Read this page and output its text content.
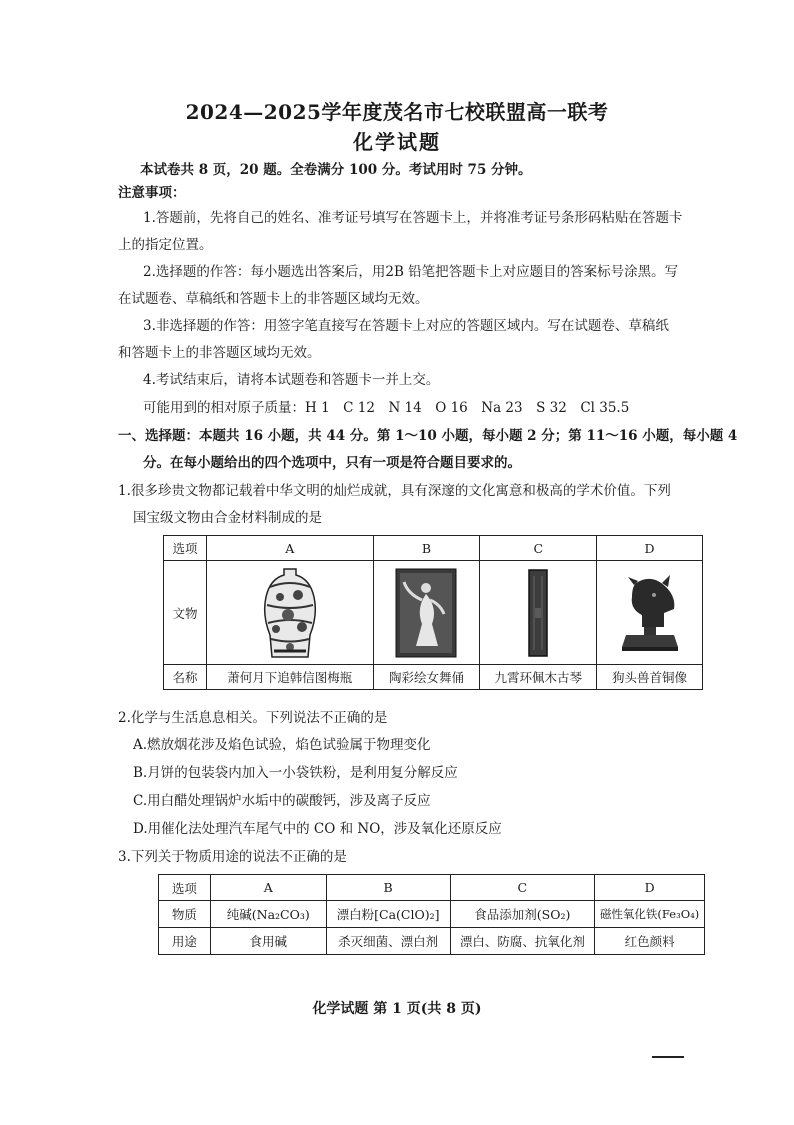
2024—2025学年度茂名市七校联盟高一联考
化学试题
本试卷共 8 页，20 题。全卷满分 100 分。考试用时 75 分钟。
注意事项：
1.答题前，先将自己的姓名、准考证号填写在答题卡上，并将准考证号条形码粘贴在答题卡
上的指定位置。
2.选择题的作答：每小题选出答案后，用2B 铅笔把答题卡上对应题目的答案标号涂黑。写
在试题卷、草稿纸和答题卡上的非答题区域均无效。
3.非选择题的作答：用签字笔直接写在答题卡上对应的答题区域内。写在试题卷、草稿纸
和答题卡上的非答题区域均无效。
4.考试结束后，请将本试题卷和答题卡一并上交。
可能用到的相对原子质量：H 1　C 12　N 14　O 16　Na 23　S 32　Cl 35.5
一、选择题：本题共 16 小题，共 44 分。第 1～10 小题，每小题 2 分；第 11～16 小题，每小题 4
分。在每小题给出的四个选项中，只有一项是符合题目要求的。
1.很多珍贵文物都记载着中华文明的灿烂成就，具有深邃的文化寓意和极高的学术价值。下列
国宝级文物由合金材料制成的是
选项	A	B	C	D
文物	

名称	萧何月下追韩信图梅瓶	陶彩绘女舞俑	九霄环佩木古琴	狗头兽首铜像
2.化学与生活息息相关。下列说法不正确的是
A.燃放烟花涉及焰色试验，焰色试验属于物理变化
B.月饼的包装袋内加入一小袋铁粉，是利用复分解反应
C.用白醋处理锅炉水垢中的碳酸钙，涉及离子反应
D.用催化法处理汽车尾气中的 CO 和 NO，涉及氧化还原反应
3.下列关于物质用途的说法不正确的是
选项	A	B	C	D
物质	纯碱(Na₂CO₃)	漂白粉[Ca(ClO)₂]	食品添加剂(SO₂)	磁性氧化铁(Fe₃O₄)
用途	食用碱	杀灭细菌、漂白剂	漂白、防腐、抗氧化剂	红色颜料
化学试题 第 1 页(共 8 页)
